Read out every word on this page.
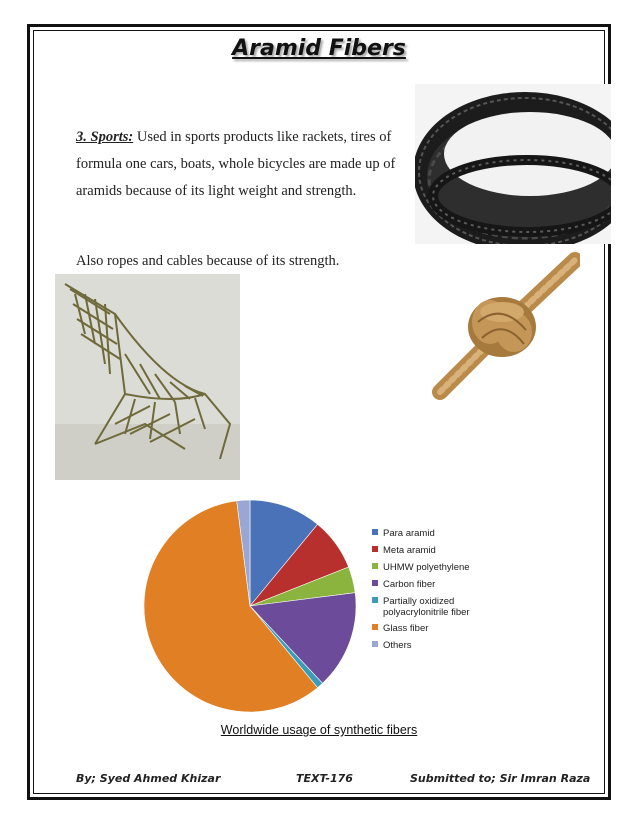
Aramid Fibers

3. Sports: Used in sports products like rackets, tires of formula one cars, boats, whole bicycles are made up of aramids because of its light weight and strength.

Also ropes and cables because of its strength.

Para aramid
Meta aramid
UHMW polyethylene
Carbon fiber
Partially oxidized polyacrylonitrile fiber
Glass fiber
Others
Worldwide usage of synthetic fibers
By; Syed Ahmed Khizar	TEXT-176	Submitted to; Sir Imran Raza
